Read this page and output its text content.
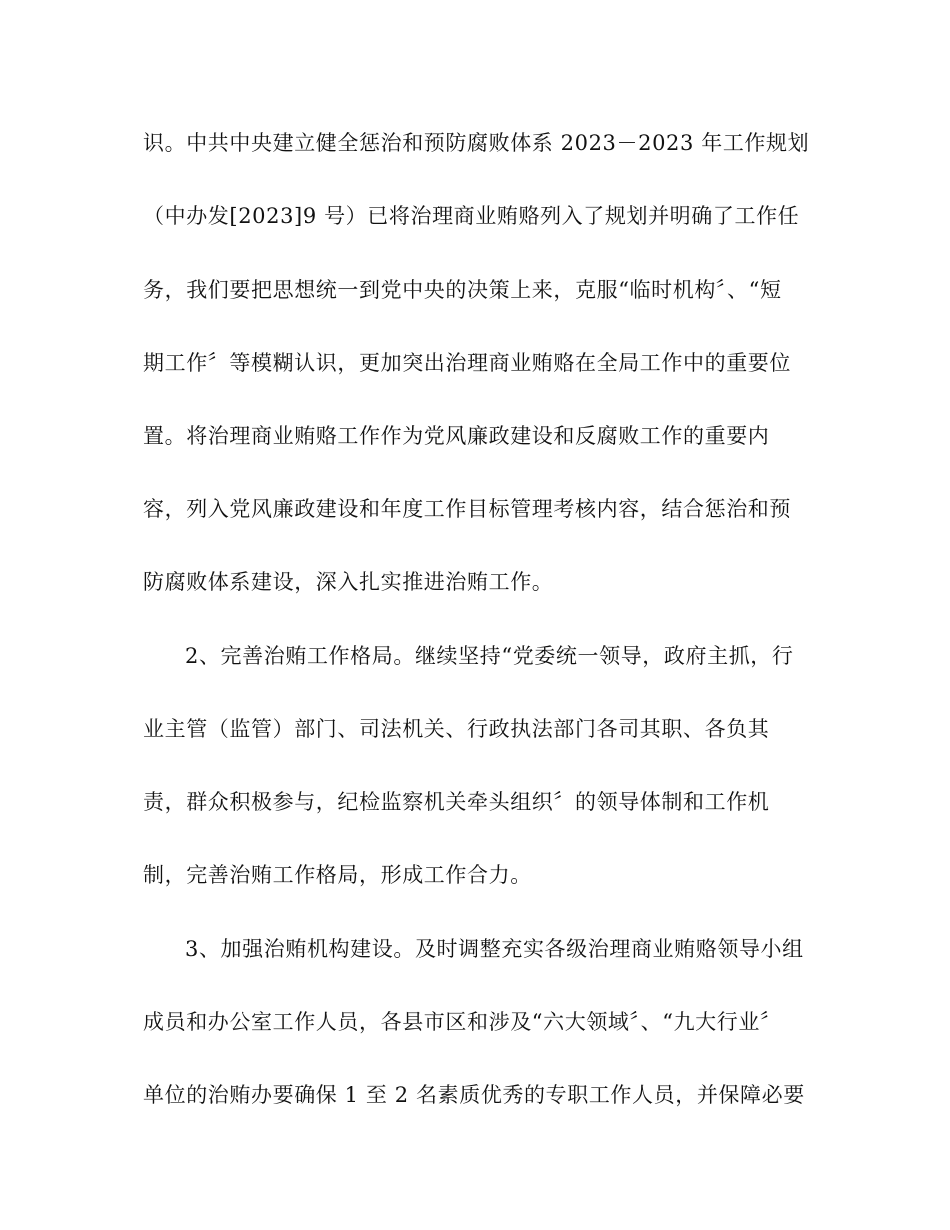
识。中共中央建立健全惩治和预防腐败体系 2023－2023 年工作规划
（中办发[2023]9 号）已将治理商业贿赂列入了规划并明确了工作任
务，我们要把思想统一到党中央的决策上来，克服“临时机构〞、“短
期工作〞等模糊认识，更加突出治理商业贿赂在全局工作中的重要位
置。将治理商业贿赂工作作为党风廉政建设和反腐败工作的重要内
容，列入党风廉政建设和年度工作目标管理考核内容，结合惩治和预
防腐败体系建设，深入扎实推进治贿工作。
2、完善治贿工作格局。继续坚持“党委统一领导，政府主抓，行
业主管（监管）部门、司法机关、行政执法部门各司其职、各负其
责，群众积极参与，纪检监察机关牵头组织〞的领导体制和工作机
制，完善治贿工作格局，形成工作合力。
3、加强治贿机构建设。及时调整充实各级治理商业贿赂领导小组
成员和办公室工作人员，各县市区和涉及“六大领域〞、“九大行业〞
单位的治贿办要确保 1 至 2 名素质优秀的专职工作人员，并保障必要
